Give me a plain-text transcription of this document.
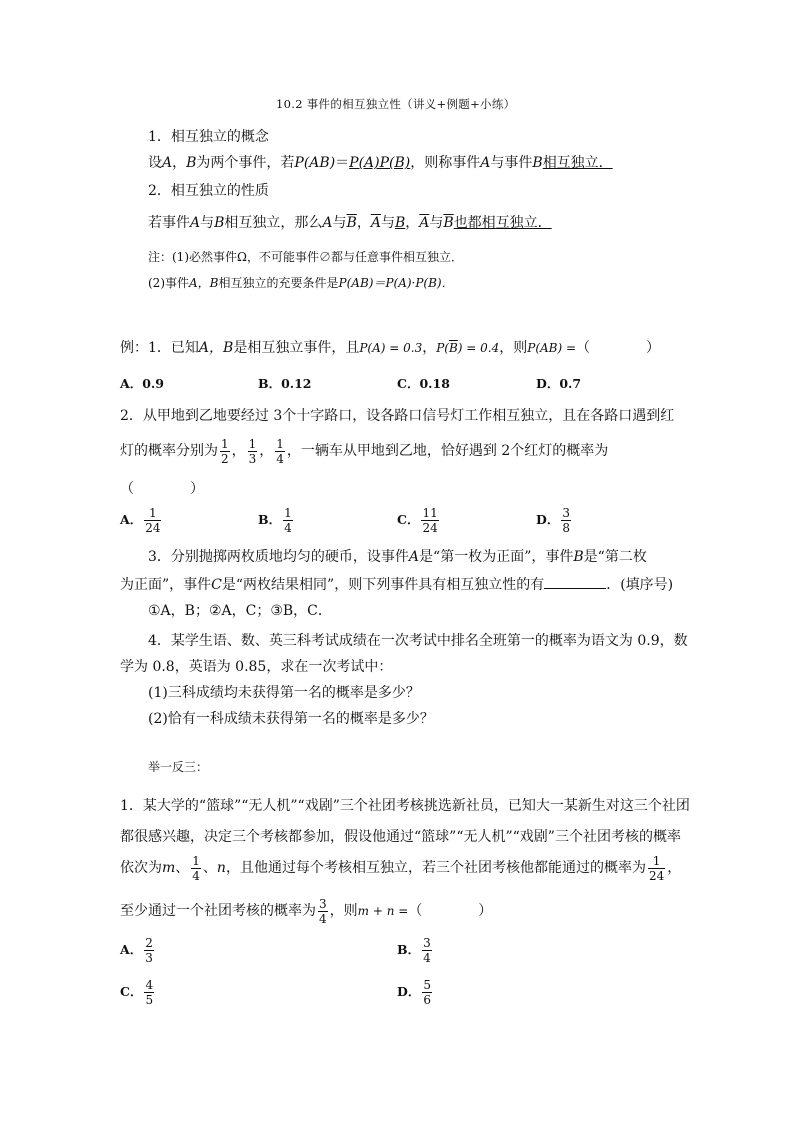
10.2 事件的相互独立性（讲义+例题+小练）
1．相互独立的概念
设A，B为两个事件，若P(AB)＝P(A)P(B)，则称事件A与事件B相互独立．
2．相互独立的性质
若事件A与B相互独立，那么A与$\overline{B}$，$\overline{A}$与B，$\overline{A}$与$\overline{B}$也都相互独立．
注：(1)必然事件Ω，不可能事件∅都与任意事件相互独立．
(2)事件A，B相互独立的充要条件是P(AB)＝P(A)·P(B)．
例：1．已知A，B是相互独立事件，且P(A) = 0.3，$P(\overline{B}) = 0.4$，则P(AB) =（　　　　）
A．0.9	B．0.12	C．0.18	D．0.7
2．从甲地到乙地要经过 3个十字路口，设各路口信号灯工作相互独立，且在各路口遇到红
灯的概率分别为 $\frac{1}{2}$ ， $\frac{1}{3}$ ， $\frac{1}{4}$ ，一辆车从甲地到乙地，恰好遇到 2个红灯的概率为
（　　　　）
A． $\frac{1}{24}$	B． $\frac{1}{4}$	C． $\frac{11}{24}$	D． $\frac{3}{8}$
3．分别抛掷两枚质地均匀的硬币，设事件A是“第一枚为正面”，事件B是“第二枚
为正面”，事件C是“两枚结果相同”，则下列事件具有相互独立性的有	．(填序号)
①A，B；②A，C；③B，C．
4．某学生语、数、英三科考试成绩在一次考试中排名全班第一的概率为语文为 0.9，数
学为 0.8，英语为 0.85，求在一次考试中：
(1)三科成绩均未获得第一名的概率是多少？
(2)恰有一科成绩未获得第一名的概率是多少？
举一反三：
1．某大学的“篮球”“无人机”“戏剧”三个社团考核挑选新社员，已知大一某新生对这三个社团
都很感兴趣，决定三个考核都参加，假设他通过“篮球”“无人机”“戏剧”三个社团考核的概率
依次为m、 $\frac{1}{4}$ 、n，且他通过每个考核相互独立，若三个社团考核他都能通过的概率为 $\frac{1}{24}$ ，
至少通过一个社团考核的概率为 $\frac{3}{4}$ ，则m + n =（　　　　）
A． $\frac{2}{3}$	B． $\frac{3}{4}$
C． $\frac{4}{5}$	D． $\frac{5}{6}$
